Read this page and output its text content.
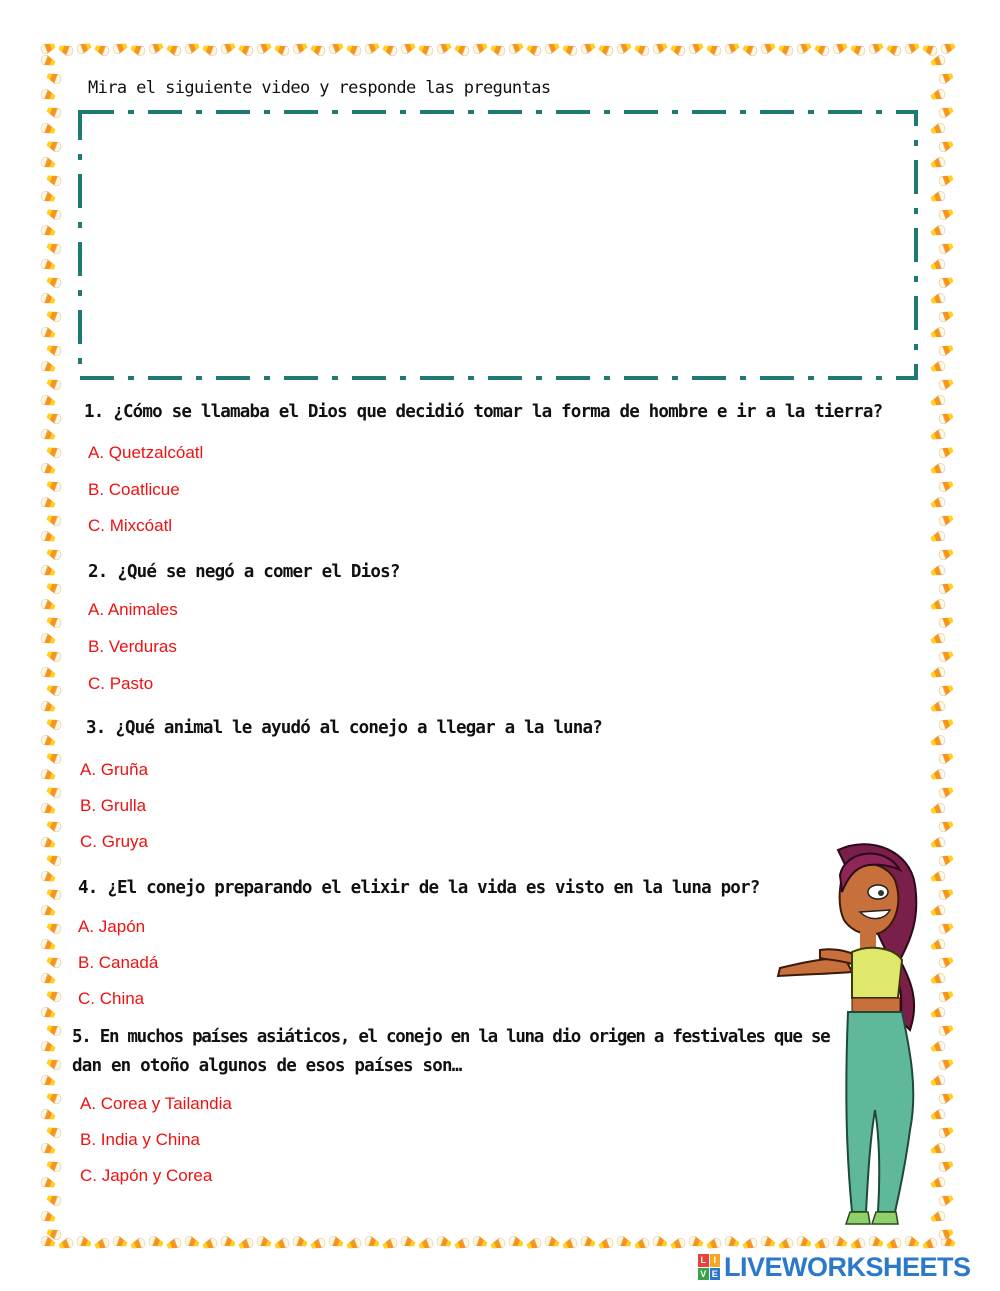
Mira el siguiente video y responde las preguntas
1. ¿Cómo se llamaba el Dios que decidió tomar la forma de hombre e ir a la tierra?
A. Quetzalcóatl
B. Coatlicue
C. Mixcóatl
2. ¿Qué se negó a comer el Dios?
A. Animales
B. Verduras
C. Pasto
3. ¿Qué animal le ayudó al conejo a llegar a la luna?
A. Gruña
B. Grulla
C. Gruya
4. ¿El conejo preparando el elixir de la vida es visto en la luna por?
A. Japón
B. Canadá
C. China
5. En muchos países asiáticos, el conejo en la luna dio origen a festivales que se
dan en otoño algunos de esos países son…
A. Corea y Tailandia
B. India y China
C. Japón y Corea
L I
V E LIVEWORKSHEETS
